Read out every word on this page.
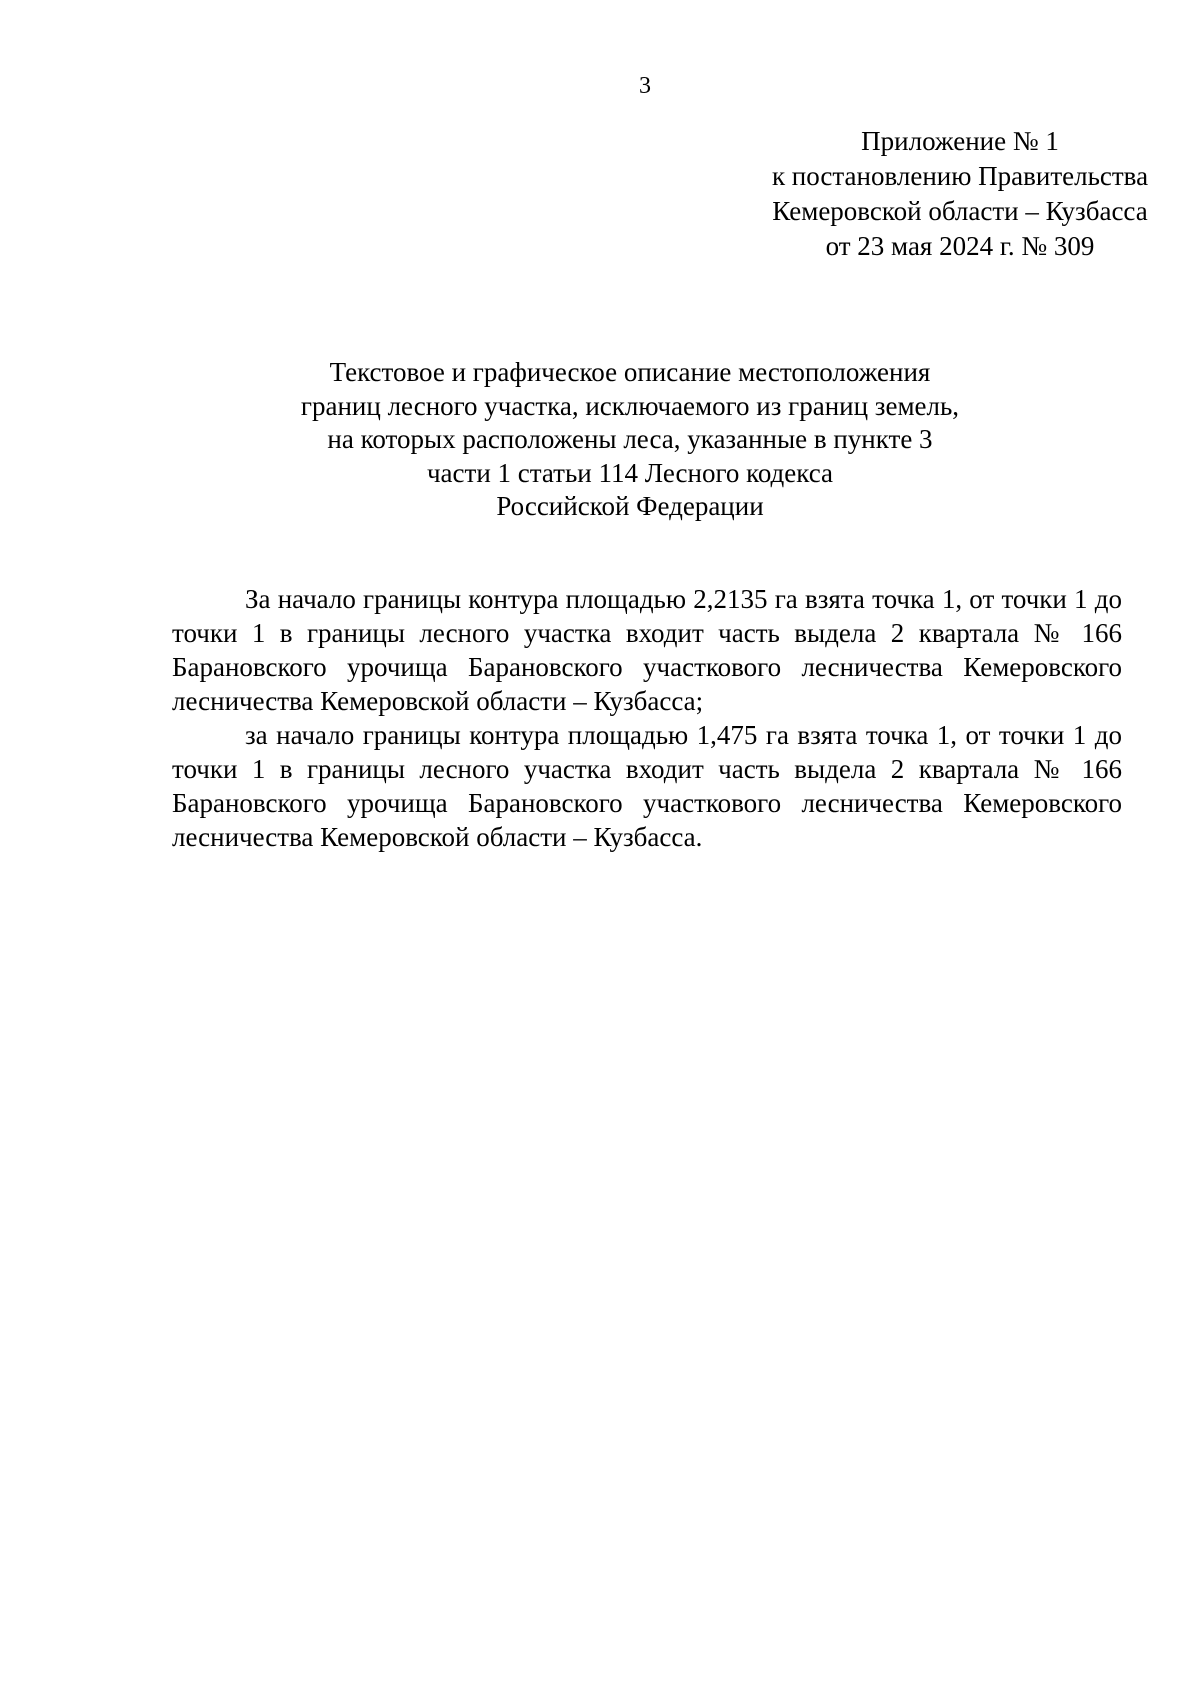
3
Приложение № 1
к постановлению Правительства
Кемеровской области – Кузбасса
от 23 мая 2024 г. № 309
Текстовое и графическое описание местоположения
границ лесного участка, исключаемого из границ земель,
на которых расположены леса, указанные в пункте 3
части 1 статьи 114 Лесного кодекса
Российской Федерации

За начало границы контура площадью 2,2135 га взята точка 1, от точки 1 до точки 1 в границы лесного участка входит часть выдела 2 квартала № 166 Барановского урочища Барановского участкового лесничества Кемеровского лесничества Кемеровской области – Кузбасса;

за начало границы контура площадью 1,475 га взята точка 1, от точки 1 до точки 1 в границы лесного участка входит часть выдела 2 квартала № 166 Барановского урочища Барановского участкового лесничества Кемеровского лесничества Кемеровской области – Кузбасса.
